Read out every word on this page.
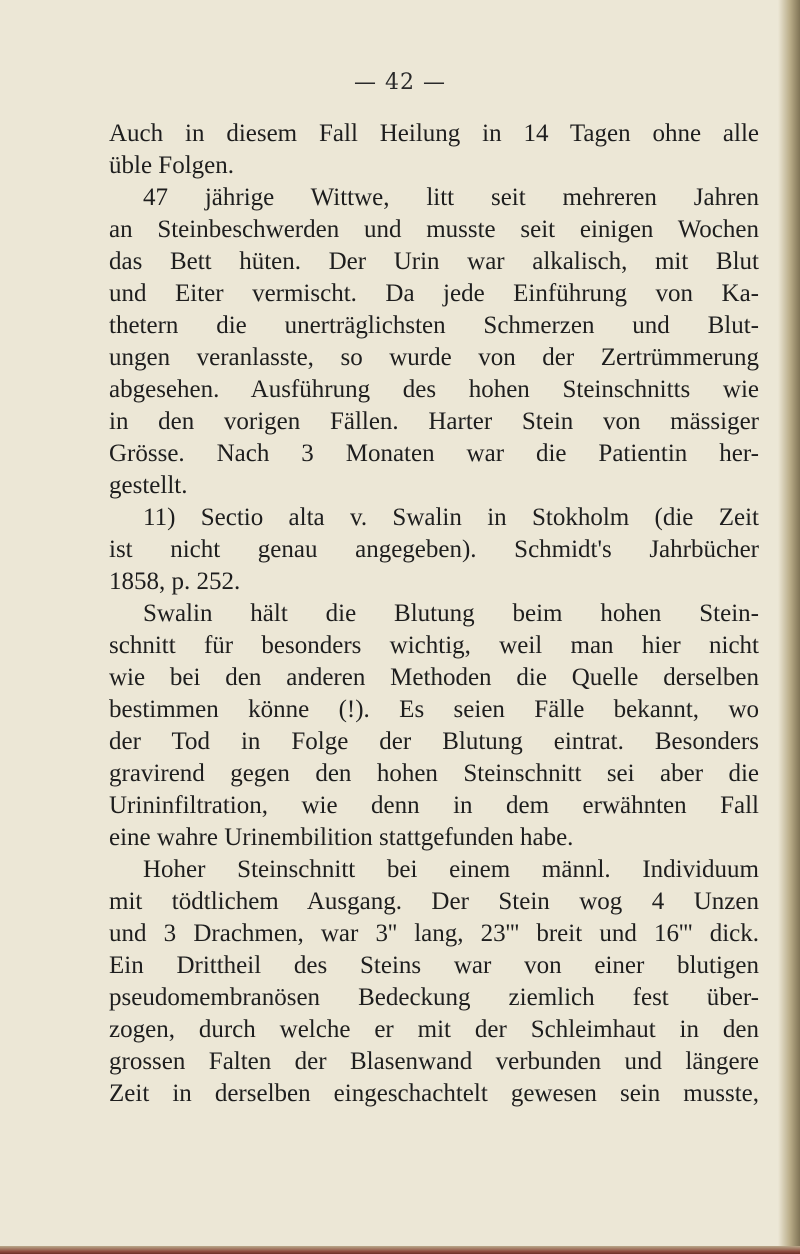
— 42 —
Auch in diesem Fall Heilung in 14 Tagen ohne alle
üble Folgen.
47 jährige Wittwe, litt seit mehreren Jahren
an Steinbeschwerden und musste seit einigen Wochen
das Bett hüten. Der Urin war alkalisch, mit Blut
und Eiter vermischt. Da jede Einführung von Ka-
thetern die unerträglichsten Schmerzen und Blut-
ungen veranlasste, so wurde von der Zertrümmerung
abgesehen. Ausführung des hohen Steinschnitts wie
in den vorigen Fällen. Harter Stein von mässiger
Grösse. Nach 3 Monaten war die Patientin her-
gestellt.
11) Sectio alta v. Swalin in Stokholm (die Zeit
ist nicht genau angegeben). Schmidt's Jahrbücher
1858, p. 252.
Swalin hält die Blutung beim hohen Stein-
schnitt für besonders wichtig, weil man hier nicht
wie bei den anderen Methoden die Quelle derselben
bestimmen könne (!). Es seien Fälle bekannt, wo
der Tod in Folge der Blutung eintrat. Besonders
gravirend gegen den hohen Steinschnitt sei aber die
Urininfiltration, wie denn in dem erwähnten Fall
eine wahre Urinembilition stattgefunden habe.
Hoher Steinschnitt bei einem männl. Individuum
mit tödtlichem Ausgang. Der Stein wog 4 Unzen
und 3 Drachmen, war 3'' lang, 23''' breit und 16''' dick.
Ein Drittheil des Steins war von einer blutigen
pseudomembranösen Bedeckung ziemlich fest über-
zogen, durch welche er mit der Schleimhaut in den
grossen Falten der Blasenwand verbunden und längere
Zeit in derselben eingeschachtelt gewesen sein musste,
